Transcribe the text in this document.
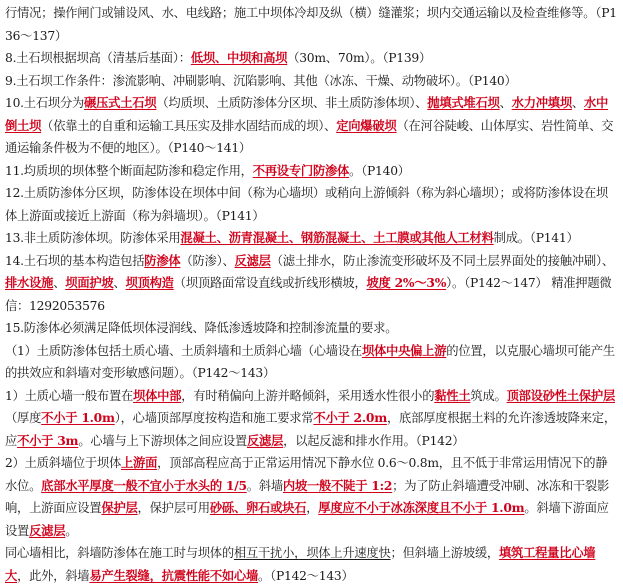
行情况；操作闸门或铺设风、水、电线路；施工中坝体冷却及纵（横）缝灌浆；坝内交通运输以及检查维修等。（P136～137）

8.土石坝根据坝高（清基后基面）：低坝、中坝和高坝（30m、70m）。（P139）

9.土石坝工作条件：渗流影响、冲刷影响、沉陷影响、其他（冰冻、干燥、动物破坏）。（P140）

10.土石坝分为碾压式土石坝（均质坝、土质防渗体分区坝、非土质防渗体坝）、抛填式堆石坝、水力冲填坝、水中倒土坝（依靠土的自重和运输工具压实及排水固结而成的坝）、定向爆破坝（在河谷陡峻、山体厚实、岩性简单、交通运输条件极为不便的地区）。（P140～141）

11.均质坝的坝体整个断面起防渗和稳定作用，不再设专门防渗体。（P140）

12.土质防渗体分区坝，防渗体设在坝体中间（称为心墙坝）或稍向上游倾斜（称为斜心墙坝）；或将防渗体设在坝体上游面或接近上游面（称为斜墙坝）。（P141）

13.非土质防渗体坝。防渗体采用混凝土、沥青混凝土、钢筋混凝土、土工膜或其他人工材料制成。（P141）

14.土石坝的基本构造包括防渗体（防渗）、反滤层（滤土排水，防止渗流变形破坏及不同土层界面处的接触冲刷）、排水设施、坝面护坡、坝顶构造（坝顶路面常设直线或折线形横坡，坡度 2%～3%）。（P142～147） 精准押题微信：1292053576

15.防渗体必须满足降低坝体浸润线、降低渗透坡降和控制渗流量的要求。

（1）土质防渗体包括土质心墙、土质斜墙和土质斜心墙（心墙设在坝体中央偏上游的位置，以克服心墙坝可能产生的拱效应和斜墙对变形敏感问题）。（P142～143）

1）土质心墙一般布置在坝体中部，有时稍偏向上游并略倾斜，采用透水性很小的黏性土筑成。顶部设砂性土保护层（厚度不小于 1.0m），心墙顶部厚度按构造和施工要求常不小于 2.0m，底部厚度根据土料的允许渗透坡降来定，应不小于 3m。心墙与上下游坝体之间应设置反滤层，以起反滤和排水作用。（P142）

2）土质斜墙位于坝体上游面，顶部高程应高于正常运用情况下静水位 0.6～0.8m，且不低于非常运用情况下的静水位。底部水平厚度一般不宜小于水头的 1/5。斜墙内坡一般不陡于 1:2；为了防止斜墙遭受冲刷、冰冻和干裂影响，上游面应设置保护层，保护层可用砂砾、卵石或块石，厚度应不小于冰冻深度且不小于 1.0m。斜墙下游面应设置反滤层。

同心墙相比，斜墙防渗体在施工时与坝体的相互干扰小，坝体上升速度快；但斜墙上游坡缓，填筑工程量比心墙大，此外，斜墙易产生裂缝，抗震性能不如心墙。（P142～143）
